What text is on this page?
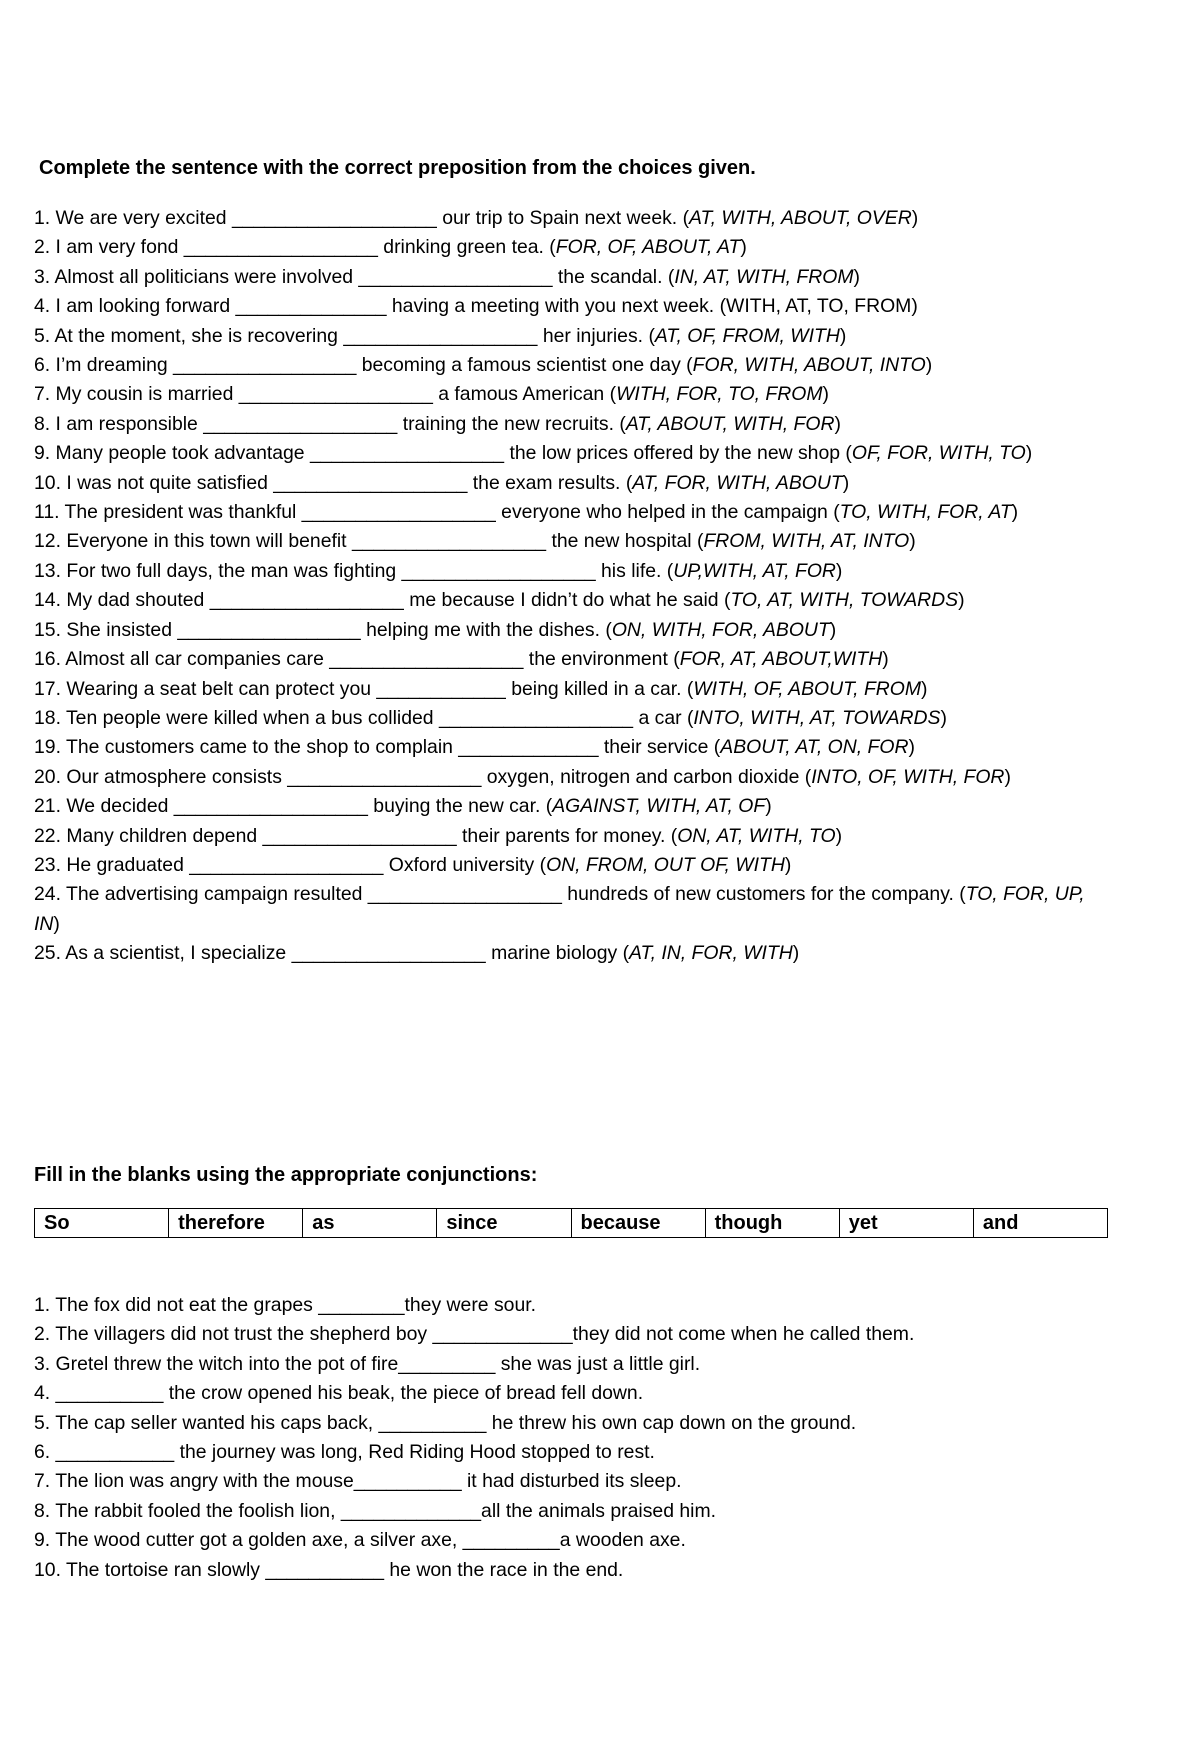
Complete the sentence with the correct preposition from the choices given.
1. We are very excited ___________________ our trip to Spain next week. (AT, WITH, ABOUT, OVER)
2. I am very fond __________________ drinking green tea. (FOR, OF, ABOUT, AT)
3. Almost all politicians were involved __________________ the scandal. (IN, AT, WITH, FROM)
4. I am looking forward ______________ having a meeting with you next week. (WITH, AT, TO, FROM)
5. At the moment, she is recovering __________________ her injuries. (AT, OF, FROM, WITH)
6. I’m dreaming _________________ becoming a famous scientist one day (FOR, WITH, ABOUT, INTO)
7. My cousin is married __________________ a famous American (WITH, FOR, TO, FROM)
8. I am responsible __________________ training the new recruits. (AT, ABOUT, WITH, FOR)
9. Many people took advantage __________________ the low prices offered by the new shop (OF, FOR, WITH, TO)
10. I was not quite satisfied __________________ the exam results. (AT, FOR, WITH, ABOUT)
11. The president was thankful __________________ everyone who helped in the campaign (TO, WITH, FOR, AT)
12. Everyone in this town will benefit __________________ the new hospital (FROM, WITH, AT, INTO)
13. For two full days, the man was fighting __________________ his life. (UP,WITH, AT, FOR)
14. My dad shouted __________________ me because I didn’t do what he said (TO, AT, WITH, TOWARDS)
15. She insisted _________________ helping me with the dishes. (ON, WITH, FOR, ABOUT)
16. Almost all car companies care __________________ the environment (FOR, AT, ABOUT,WITH)
17. Wearing a seat belt can protect you ____________ being killed in a car. (WITH, OF, ABOUT, FROM)
18. Ten people were killed when a bus collided __________________ a car (INTO, WITH, AT, TOWARDS)
19. The customers came to the shop to complain _____________ their service (ABOUT, AT, ON, FOR)
20. Our atmosphere consists __________________ oxygen, nitrogen and carbon dioxide (INTO, OF, WITH, FOR)
21. We decided __________________ buying the new car. (AGAINST, WITH, AT, OF)
22. Many children depend __________________ their parents for money. (ON, AT, WITH, TO)
23. He graduated __________________ Oxford university (ON, FROM, OUT OF, WITH)
24. The advertising campaign resulted __________________ hundreds of new customers for the company. (TO, FOR, UP, IN)
25. As a scientist, I specialize __________________ marine biology (AT, IN, FOR, WITH)
Fill in the blanks using the appropriate conjunctions:
So	therefore	as	since	because	though	yet	and
1. The fox did not eat the grapes ________they were sour.
2. The villagers did not trust the shepherd boy _____________they did not come when he called them.
3. Gretel threw the witch into the pot of fire_________ she was just a little girl.
4. __________ the crow opened his beak, the piece of bread fell down.
5. The cap seller wanted his caps back, __________ he threw his own cap down on the ground.
6. ___________ the journey was long, Red Riding Hood stopped to rest.
7. The lion was angry with the mouse__________ it had disturbed its sleep.
8. The rabbit fooled the foolish lion, _____________all the animals praised him.
9. The wood cutter got a golden axe, a silver axe, _________a wooden axe.
10. The tortoise ran slowly ___________ he won the race in the end.
